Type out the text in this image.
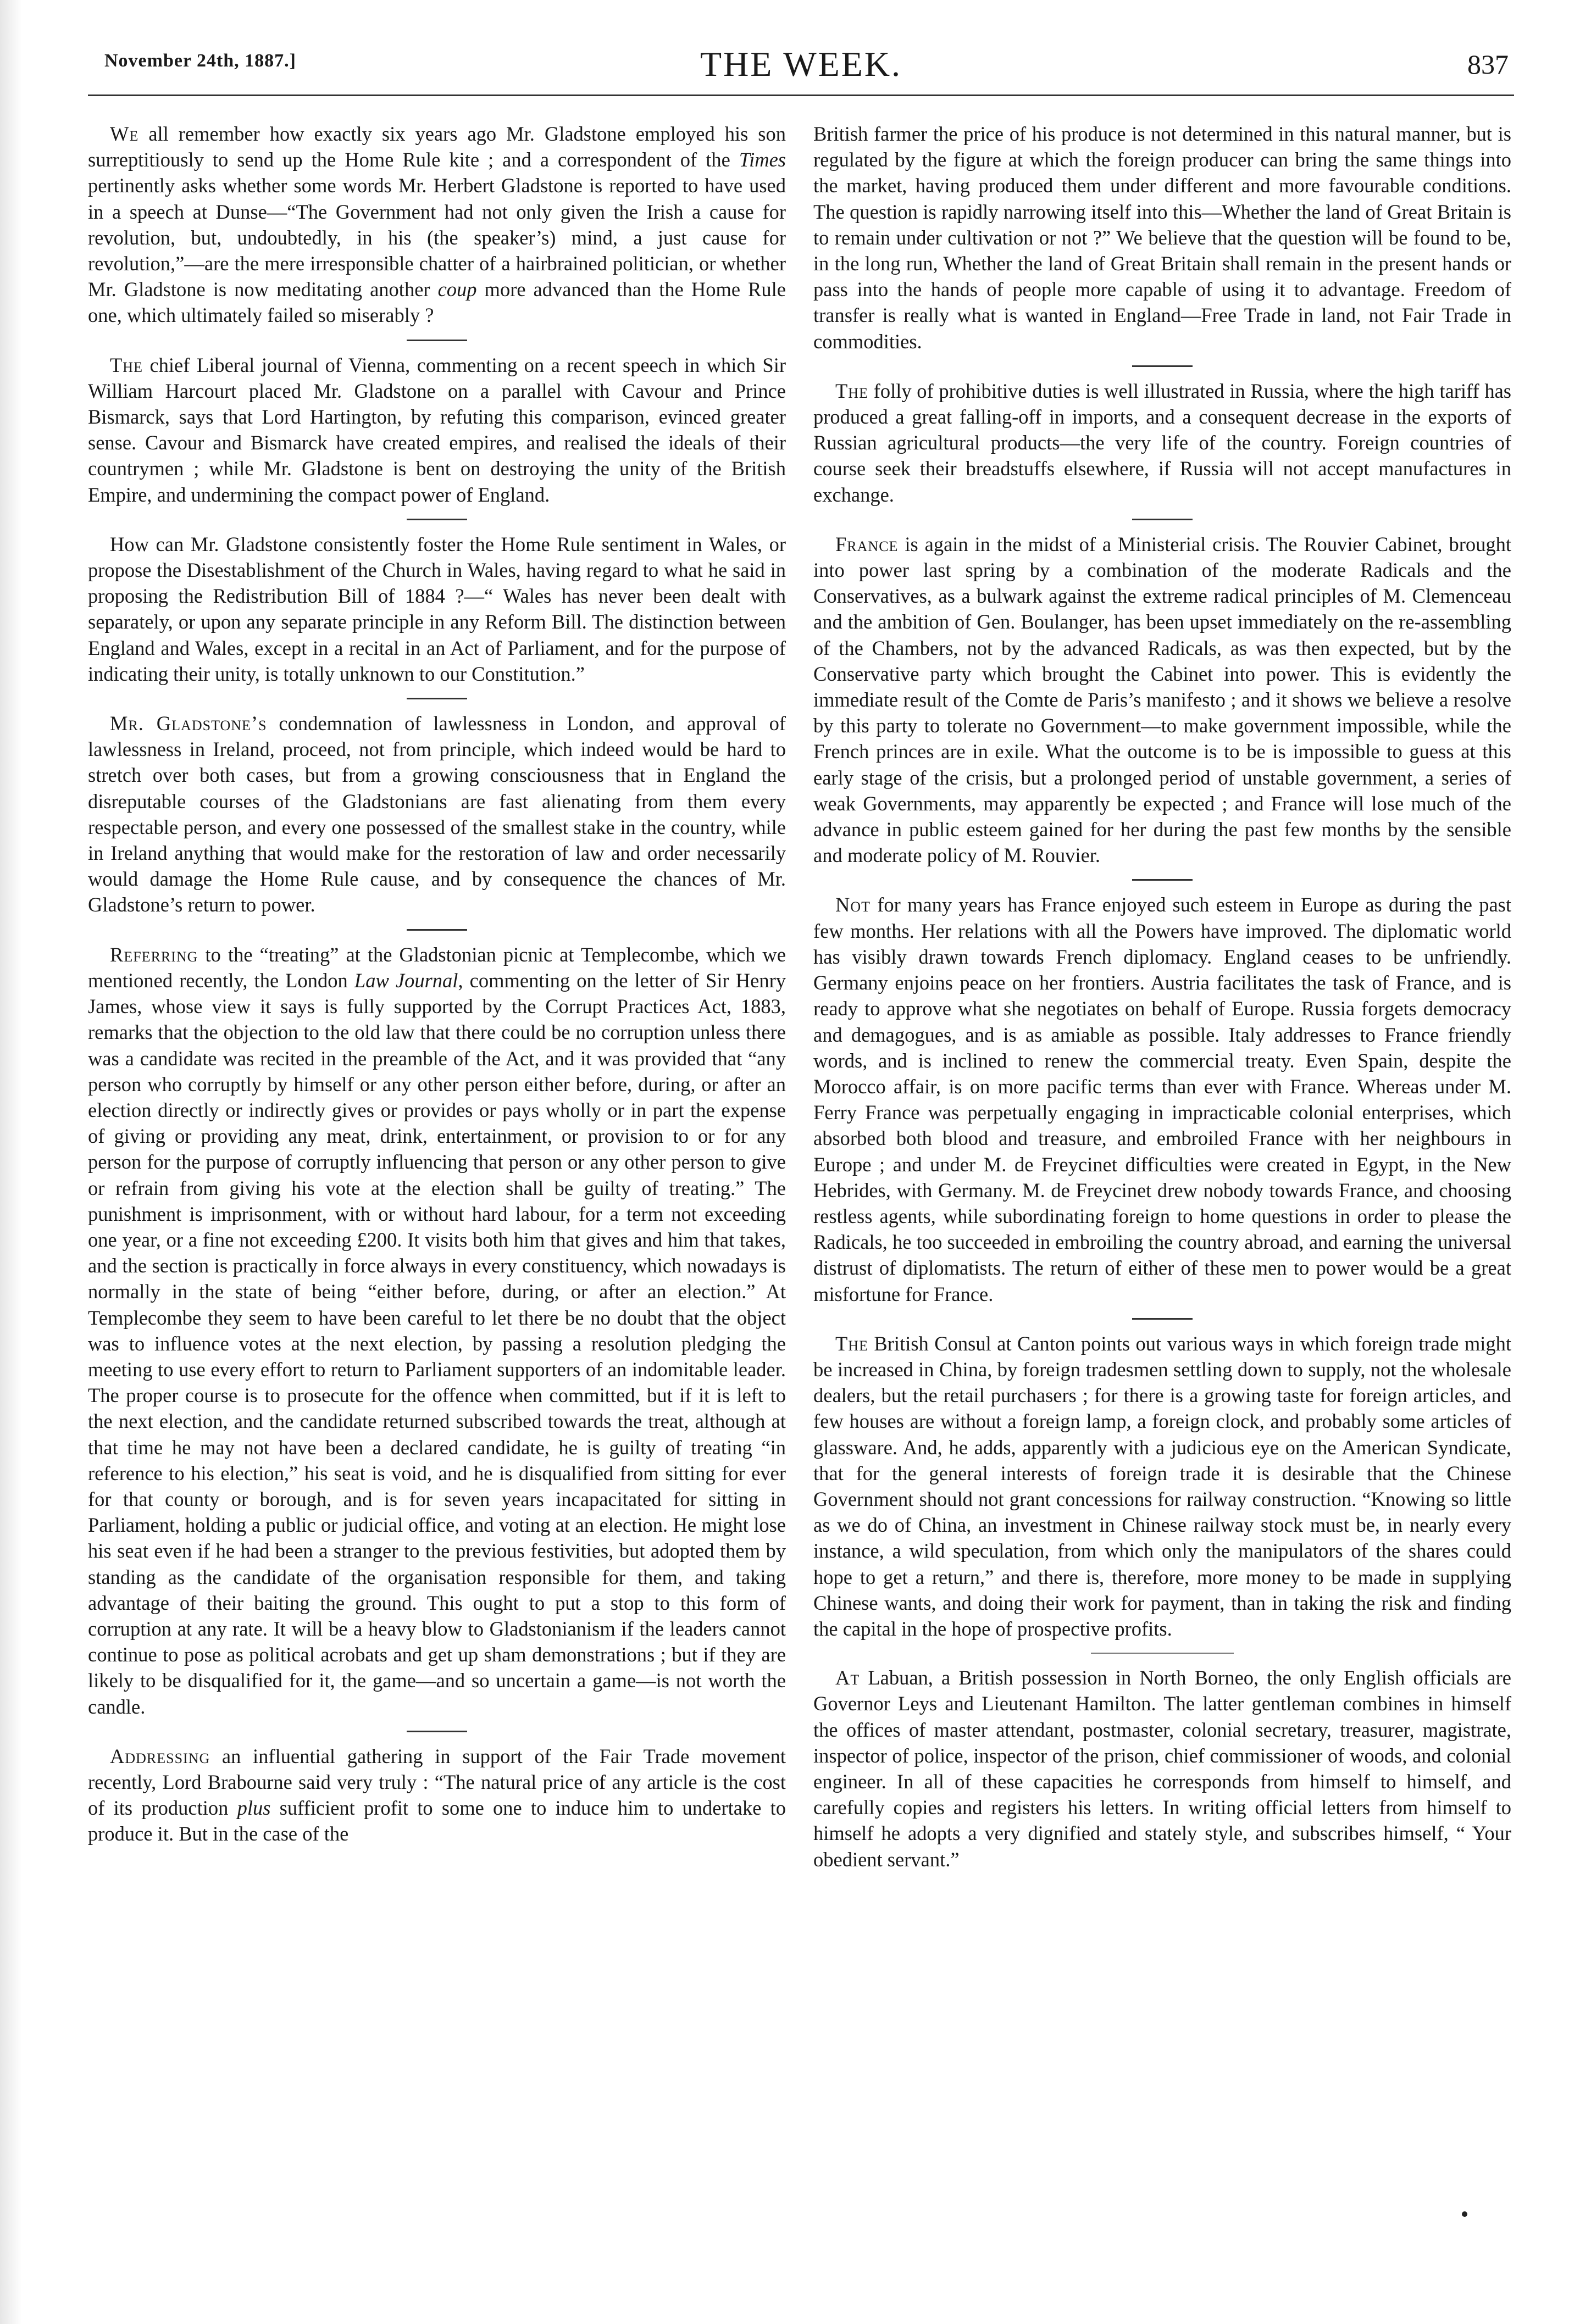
November 24th, 1887.]	THE WEEK.	837

We all remember how exactly six years ago Mr. Gladstone employed his son surreptitiously to send up the Home Rule kite ; and a correspondent of the Times pertinently asks whether some words Mr. Herbert Gladstone is reported to have used in a speech at Dunse—“The Government had not only given the Irish a cause for revolution, but, undoubtedly, in his (the speaker’s) mind, a just cause for revolution,”—are the mere irresponsible chatter of a hairbrained politician, or whether Mr. Gladstone is now meditating another coup more advanced than the Home Rule one, which ultimately failed so miserably ?

The chief Liberal journal of Vienna, commenting on a recent speech in which Sir William Harcourt placed Mr. Gladstone on a parallel with Cavour and Prince Bismarck, says that Lord Hartington, by refuting this comparison, evinced greater sense. Cavour and Bismarck have created empires, and realised the ideals of their countrymen ; while Mr. Gladstone is bent on destroying the unity of the British Empire, and undermining the compact power of England.

How can Mr. Gladstone consistently foster the Home Rule sentiment in Wales, or propose the Disestablishment of the Church in Wales, having regard to what he said in proposing the Redistribution Bill of 1884 ?—“ Wales has never been dealt with separately, or upon any separate principle in any Reform Bill. The distinction between England and Wales, except in a recital in an Act of Parliament, and for the purpose of indicating their unity, is totally unknown to our Constitution.”

Mr. Gladstone’s condemnation of lawlessness in London, and approval of lawlessness in Ireland, proceed, not from principle, which indeed would be hard to stretch over both cases, but from a growing consciousness that in England the disreputable courses of the Gladstonians are fast alienating from them every respectable person, and every one possessed of the smallest stake in the country, while in Ireland anything that would make for the restoration of law and order necessarily would damage the Home Rule cause, and by consequence the chances of Mr. Gladstone’s return to power.

Referring to the “treating” at the Gladstonian picnic at Templecombe, which we mentioned recently, the London Law Journal, commenting on the letter of Sir Henry James, whose view it says is fully supported by the Corrupt Practices Act, 1883, remarks that the objection to the old law that there could be no corruption unless there was a candidate was recited in the preamble of the Act, and it was provided that “any person who corruptly by himself or any other person either before, during, or after an election directly or indirectly gives or provides or pays wholly or in part the expense of giving or providing any meat, drink, entertainment, or provision to or for any person for the purpose of corruptly influencing that person or any other person to give or refrain from giving his vote at the election shall be guilty of treating.” The punishment is imprisonment, with or without hard labour, for a term not exceeding one year, or a fine not exceeding £200. It visits both him that gives and him that takes, and the section is practically in force always in every constituency, which nowadays is normally in the state of being “either before, during, or after an election.” At Templecombe they seem to have been careful to let there be no doubt that the object was to influence votes at the next election, by passing a resolution pledging the meeting to use every effort to return to Parliament supporters of an indomitable leader. The proper course is to prosecute for the offence when committed, but if it is left to the next election, and the candidate returned subscribed towards the treat, although at that time he may not have been a declared candidate, he is guilty of treating “in reference to his election,” his seat is void, and he is disqualified from sitting for ever for that county or borough, and is for seven years incapacitated for sitting in Parliament, holding a public or judicial office, and voting at an election. He might lose his seat even if he had been a stranger to the previous festivities, but adopted them by standing as the candidate of the organisation responsible for them, and taking advantage of their baiting the ground. This ought to put a stop to this form of corruption at any rate. It will be a heavy blow to Gladstonianism if the leaders cannot continue to pose as political acrobats and get up sham demonstrations ; but if they are likely to be disqualified for it, the game—and so uncertain a game—is not worth the candle.

Addressing an influential gathering in support of the Fair Trade movement recently, Lord Brabourne said very truly : “The natural price of any article is the cost of its production plus sufficient profit to some one to induce him to undertake to produce it. But in the case of the

British farmer the price of his produce is not determined in this natural manner, but is regulated by the figure at which the foreign producer can bring the same things into the market, having produced them under different and more favourable conditions. The question is rapidly narrowing itself into this—Whether the land of Great Britain is to remain under cultivation or not ?” We believe that the question will be found to be, in the long run, Whether the land of Great Britain shall remain in the present hands or pass into the hands of people more capable of using it to advantage. Freedom of transfer is really what is wanted in England—Free Trade in land, not Fair Trade in commodities.

The folly of prohibitive duties is well illustrated in Russia, where the high tariff has produced a great falling-off in imports, and a consequent decrease in the exports of Russian agricultural products—the very life of the country. Foreign countries of course seek their breadstuffs elsewhere, if Russia will not accept manufactures in exchange.

France is again in the midst of a Ministerial crisis. The Rouvier Cabinet, brought into power last spring by a combination of the moderate Radicals and the Conservatives, as a bulwark against the extreme radical principles of M. Clemenceau and the ambition of Gen. Boulanger, has been upset immediately on the re-assembling of the Chambers, not by the advanced Radicals, as was then expected, but by the Conservative party which brought the Cabinet into power. This is evidently the immediate result of the Comte de Paris’s manifesto ; and it shows we believe a resolve by this party to tolerate no Government—to make government impossible, while the French princes are in exile. What the outcome is to be is impossible to guess at this early stage of the crisis, but a prolonged period of unstable government, a series of weak Governments, may apparently be expected ; and France will lose much of the advance in public esteem gained for her during the past few months by the sensible and moderate policy of M. Rouvier.

Not for many years has France enjoyed such esteem in Europe as during the past few months. Her relations with all the Powers have improved. The diplomatic world has visibly drawn towards French diplomacy. England ceases to be unfriendly. Germany enjoins peace on her frontiers. Austria facilitates the task of France, and is ready to approve what she negotiates on behalf of Europe. Russia forgets democracy and demagogues, and is as amiable as possible. Italy addresses to France friendly words, and is inclined to renew the commercial treaty. Even Spain, despite the Morocco affair, is on more pacific terms than ever with France. Whereas under M. Ferry France was perpetually engaging in impracticable colonial enterprises, which absorbed both blood and treasure, and embroiled France with her neighbours in Europe ; and under M. de Freycinet difficulties were created in Egypt, in the New Hebrides, with Germany. M. de Freycinet drew nobody towards France, and choosing restless agents, while subordinating foreign to home questions in order to please the Radicals, he too succeeded in embroiling the country abroad, and earning the universal distrust of diplomatists. The return of either of these men to power would be a great misfortune for France.

The British Consul at Canton points out various ways in which foreign trade might be increased in China, by foreign tradesmen settling down to supply, not the wholesale dealers, but the retail purchasers ; for there is a growing taste for foreign articles, and few houses are without a foreign lamp, a foreign clock, and probably some articles of glassware. And, he adds, apparently with a judicious eye on the American Syndicate, that for the general interests of foreign trade it is desirable that the Chinese Government should not grant concessions for railway construction. “Knowing so little as we do of China, an investment in Chinese railway stock must be, in nearly every instance, a wild speculation, from which only the manipulators of the shares could hope to get a return,” and there is, therefore, more money to be made in supplying Chinese wants, and doing their work for payment, than in taking the risk and finding the capital in the hope of prospective profits.

At Labuan, a British possession in North Borneo, the only English officials are Governor Leys and Lieutenant Hamilton. The latter gentleman combines in himself the offices of master attendant, postmaster, colonial secretary, treasurer, magistrate, inspector of police, inspector of the prison, chief commissioner of woods, and colonial engineer. In all of these capacities he corresponds from himself to himself, and carefully copies and registers his letters. In writing official letters from himself to himself he adopts a very dignified and stately style, and subscribes himself, “ Your obedient servant.”
